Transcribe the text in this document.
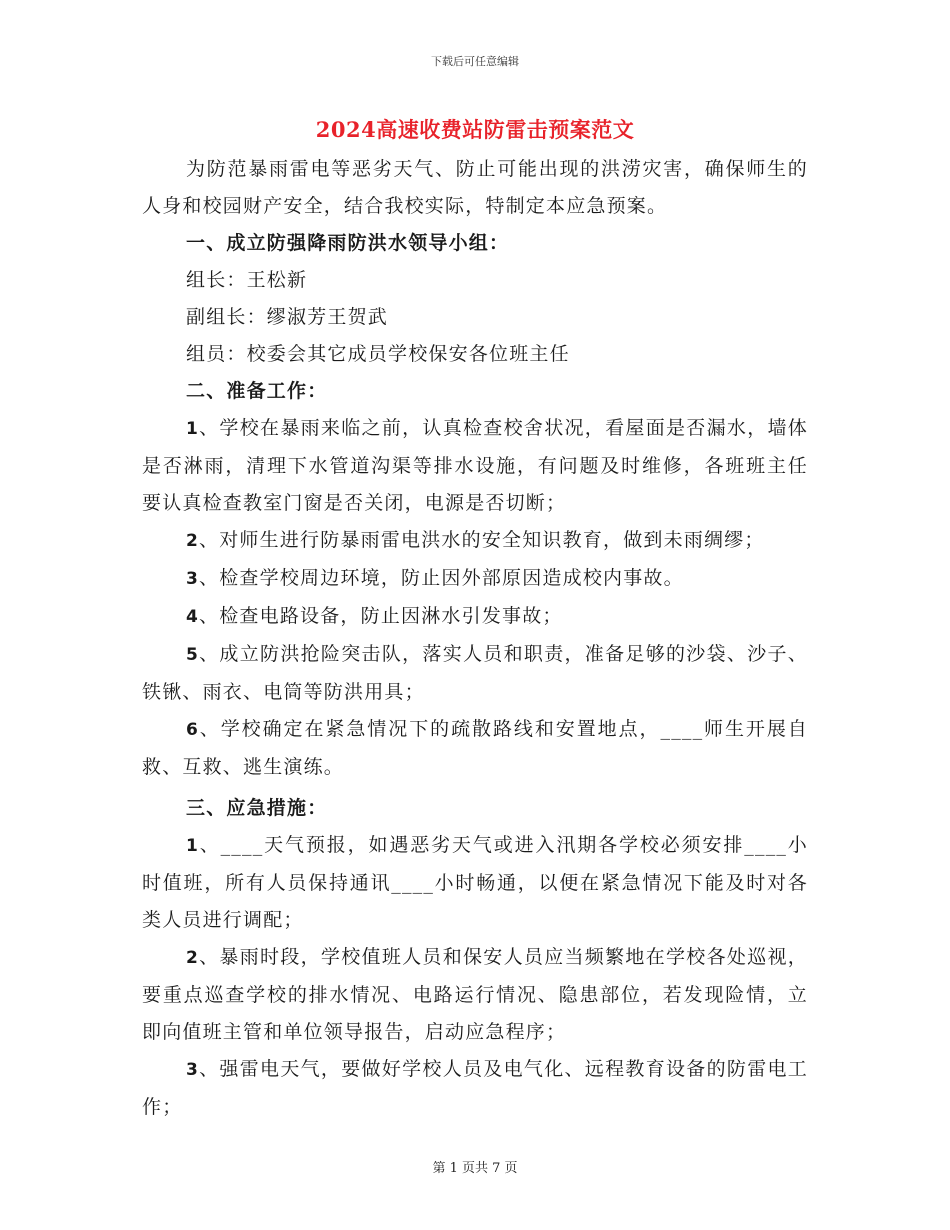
下载后可任意编辑
2024高速收费站防雷击预案范文

为防范暴雨雷电等恶劣天气、防止可能出现的洪涝灾害，确保师生的人身和校园财产安全，结合我校实际，特制定本应急预案。

一、成立防强降雨防洪水领导小组：

组长：王松新

副组长：缪淑芳王贺武

组员：校委会其它成员学校保安各位班主任

二、准备工作：

1、学校在暴雨来临之前，认真检查校舍状况，看屋面是否漏水，墙体是否淋雨，清理下水管道沟渠等排水设施，有问题及时维修，各班班主任要认真检查教室门窗是否关闭，电源是否切断；

2、对师生进行防暴雨雷电洪水的安全知识教育，做到未雨绸缪；

3、检查学校周边环境，防止因外部原因造成校内事故。

4、检查电路设备，防止因淋水引发事故；

5、成立防洪抢险突击队，落实人员和职责，准备足够的沙袋、沙子、铁锹、雨衣、电筒等防洪用具；

6、学校确定在紧急情况下的疏散路线和安置地点，____师生开展自救、互救、逃生演练。

三、应急措施：

1、____天气预报，如遇恶劣天气或进入汛期各学校必须安排____小时值班，所有人员保持通讯____小时畅通，以便在紧急情况下能及时对各类人员进行调配；

2、暴雨时段，学校值班人员和保安人员应当频繁地在学校各处巡视，要重点巡查学校的排水情况、电路运行情况、隐患部位，若发现险情，立即向值班主管和单位领导报告，启动应急程序；

3、强雷电天气，要做好学校人员及电气化、远程教育设备的防雷电工作；

第 1 页共 7 页
